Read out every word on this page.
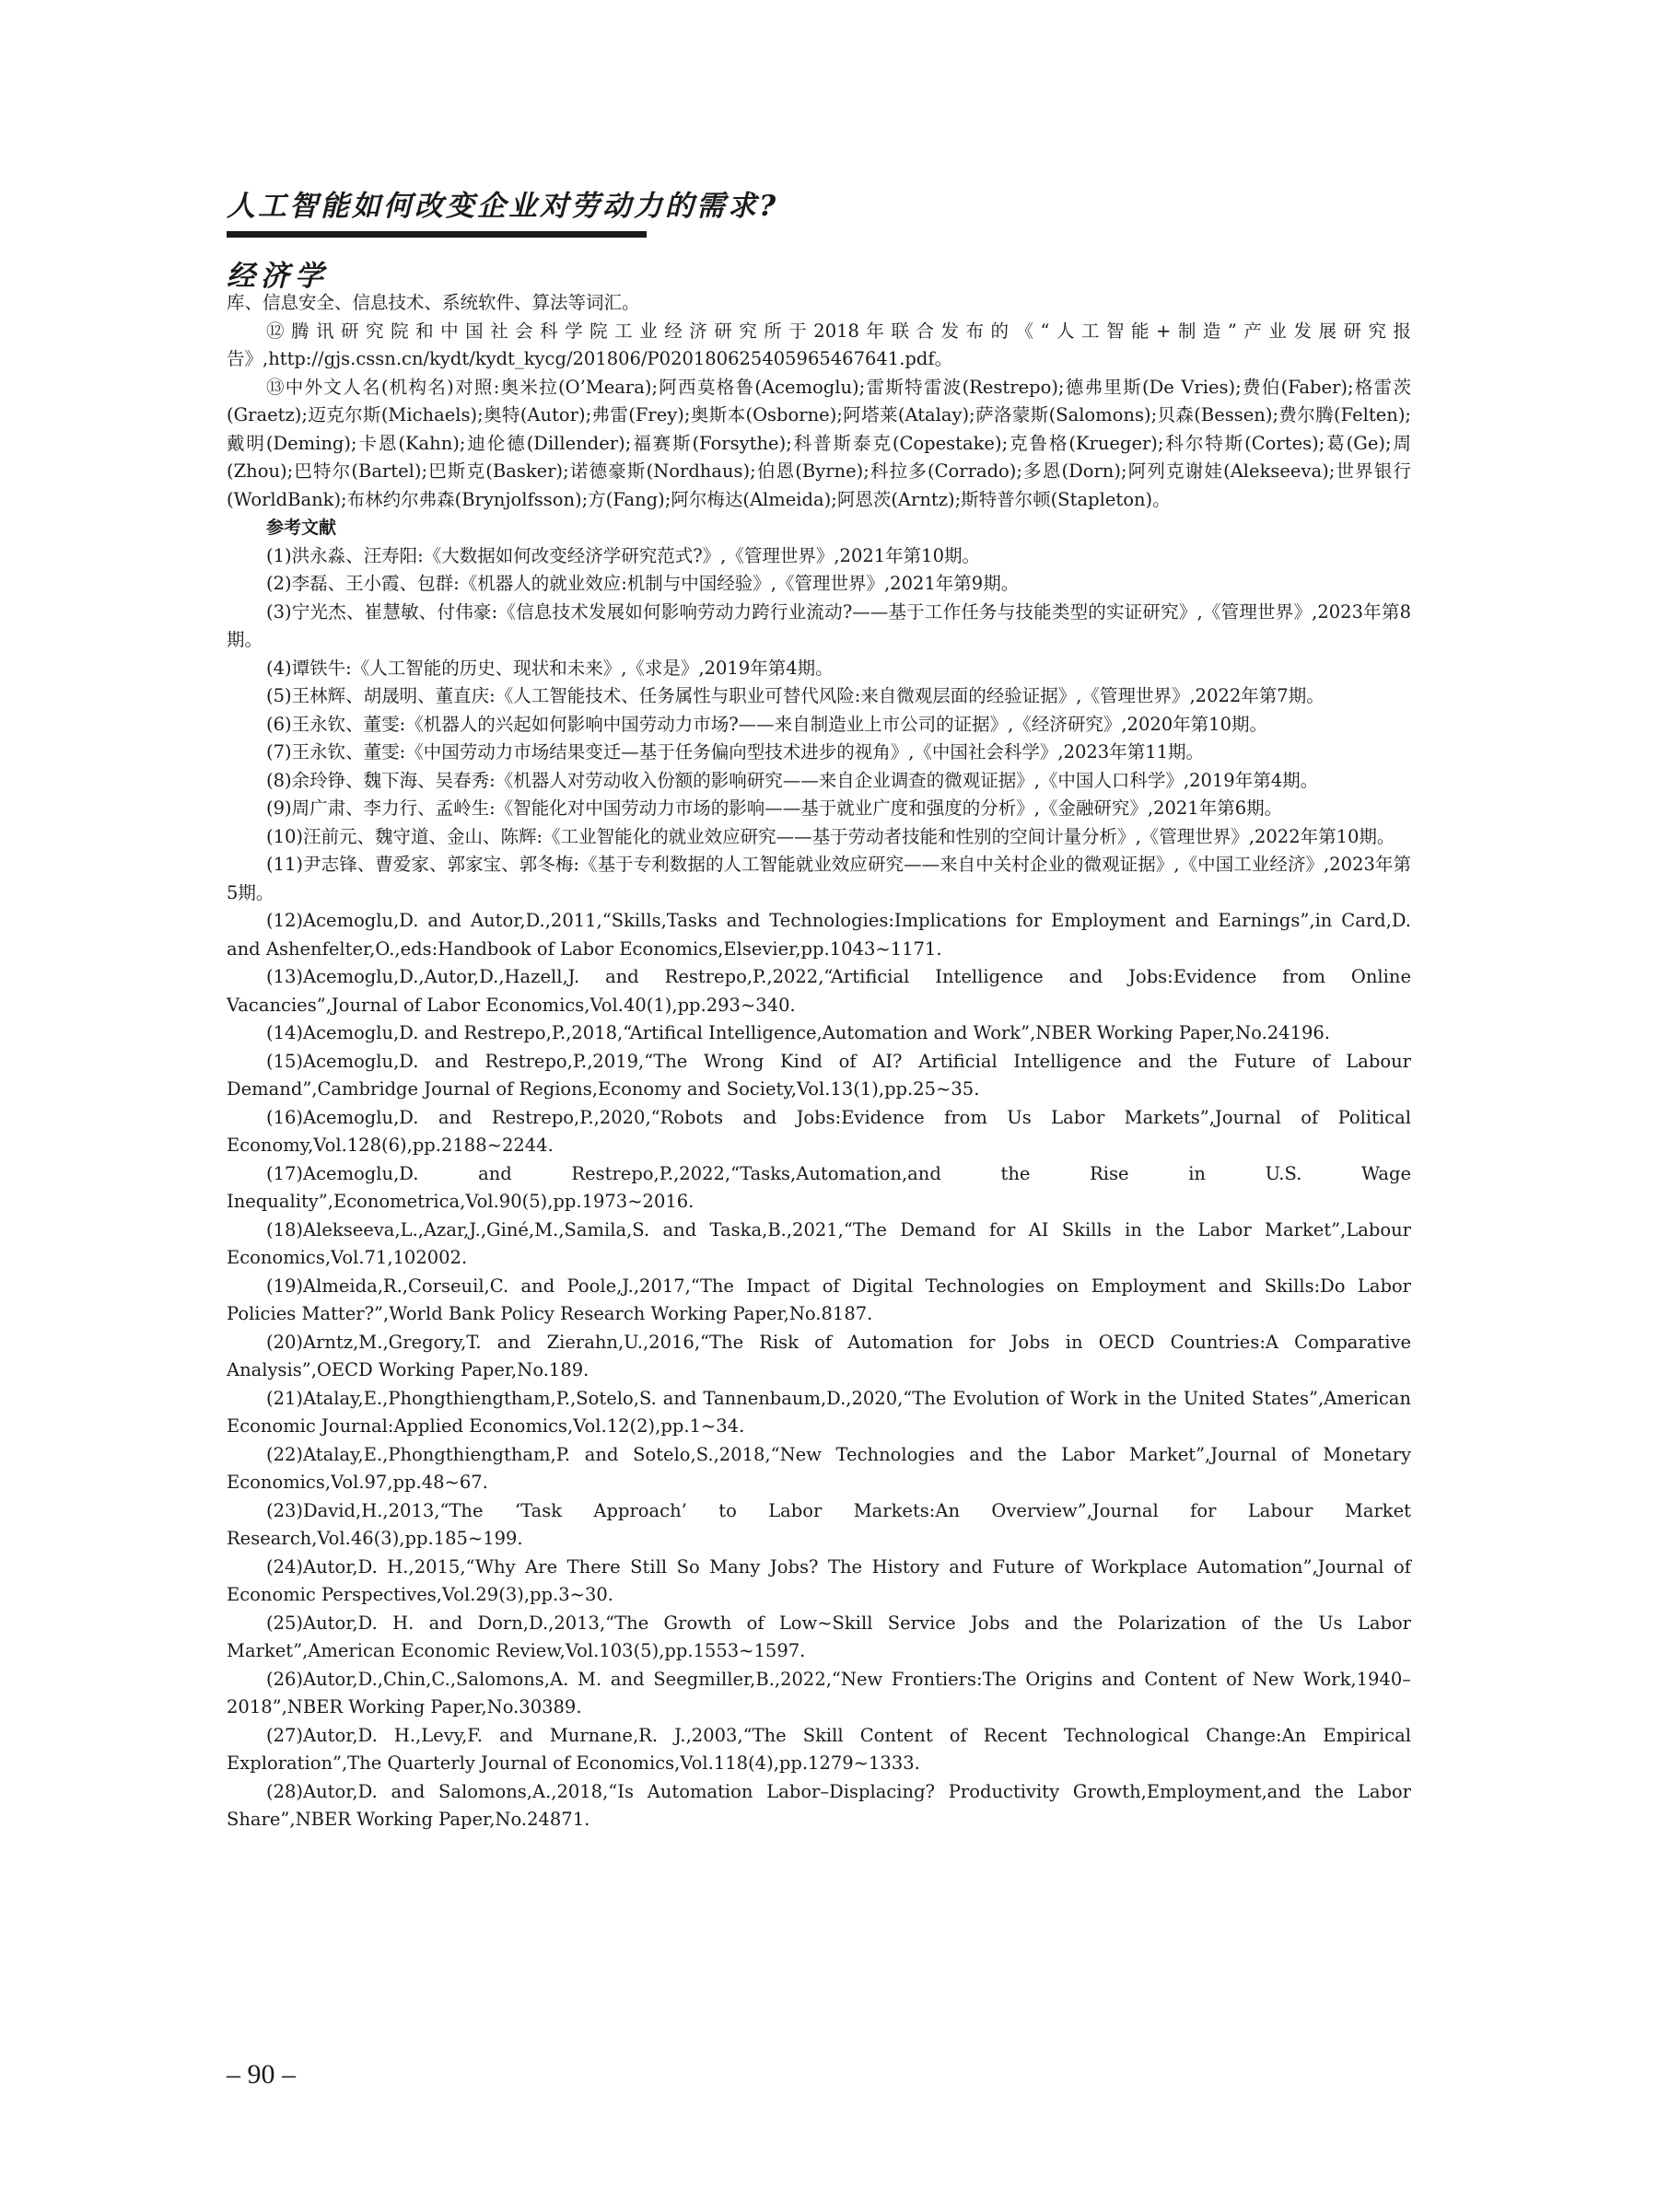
人工智能如何改变企业对劳动力的需求?
经济学

库、信息安全、信息技术、系统软件、算法等词汇。

⑫腾讯研究院和中国社会科学院工业经济研究所于2018年联合发布的《“人工智能+制造”产业发展研究报告》,http://gjs.cssn.cn/kydt/kydt_kycg/201806/P020180625405965467641.pdf。

⑬中外文人名(机构名)对照:奥米拉(O’Meara);阿西莫格鲁(Acemoglu);雷斯特雷波(Restrepo);德弗里斯(De Vries);费伯(Faber);格雷茨(Graetz);迈克尔斯(Michaels);奥特(Autor);弗雷(Frey);奥斯本(Osborne);阿塔莱(Atalay);萨洛蒙斯(Salomons);贝森(Bessen);费尔腾(Felten);戴明(Deming);卡恩(Kahn);迪伦德(Dillender);福赛斯(Forsythe);科普斯泰克(Copestake);克鲁格(Krueger);科尔特斯(Cortes);葛(Ge);周(Zhou);巴特尔(Bartel);巴斯克(Basker);诺德豪斯(Nordhaus);伯恩(Byrne);科拉多(Corrado);多恩(Dorn);阿列克谢娃(Alekseeva);世界银行(WorldBank);布林约尔弗森(Brynjolfsson);方(Fang);阿尔梅达(Almeida);阿恩茨(Arntz);斯特普尔顿(Stapleton)。

参考文献

(1)洪永淼、汪寿阳:《大数据如何改变经济学研究范式?》,《管理世界》,2021年第10期。

(2)李磊、王小霞、包群:《机器人的就业效应:机制与中国经验》,《管理世界》,2021年第9期。

(3)宁光杰、崔慧敏、付伟豪:《信息技术发展如何影响劳动力跨行业流动?——基于工作任务与技能类型的实证研究》,《管理世界》,2023年第8期。

(4)谭铁牛:《人工智能的历史、现状和未来》,《求是》,2019年第4期。

(5)王林辉、胡晟明、董直庆:《人工智能技术、任务属性与职业可替代风险:来自微观层面的经验证据》,《管理世界》,2022年第7期。

(6)王永钦、董雯:《机器人的兴起如何影响中国劳动力市场?——来自制造业上市公司的证据》,《经济研究》,2020年第10期。

(7)王永钦、董雯:《中国劳动力市场结果变迁—基于任务偏向型技术进步的视角》,《中国社会科学》,2023年第11期。

(8)余玲铮、魏下海、吴春秀:《机器人对劳动收入份额的影响研究——来自企业调查的微观证据》,《中国人口科学》,2019年第4期。

(9)周广肃、李力行、孟岭生:《智能化对中国劳动力市场的影响——基于就业广度和强度的分析》,《金融研究》,2021年第6期。

(10)汪前元、魏守道、金山、陈辉:《工业智能化的就业效应研究——基于劳动者技能和性别的空间计量分析》,《管理世界》,2022年第10期。

(11)尹志锋、曹爱家、郭家宝、郭冬梅:《基于专利数据的人工智能就业效应研究——来自中关村企业的微观证据》,《中国工业经济》,2023年第5期。

(12)Acemoglu,D. and Autor,D.,2011,“Skills,Tasks and Technologies:Implications for Employment and Earnings”,in Card,D. and Ashenfelter,O.,eds:Handbook of Labor Economics,Elsevier,pp.1043~1171.

(13)Acemoglu,D.,Autor,D.,Hazell,J. and Restrepo,P.,2022,“Artificial Intelligence and Jobs:Evidence from Online Vacancies”,Journal of Labor Economics,Vol.40(1),pp.293~340.

(14)Acemoglu,D. and Restrepo,P.,2018,“Artifical Intelligence,Automation and Work”,NBER Working Paper,No.24196.

(15)Acemoglu,D. and Restrepo,P.,2019,“The Wrong Kind of AI? Artificial Intelligence and the Future of Labour Demand”,Cambridge Journal of Regions,Economy and Society,Vol.13(1),pp.25~35.

(16)Acemoglu,D. and Restrepo,P.,2020,“Robots and Jobs:Evidence from Us Labor Markets”,Journal of Political Economy,Vol.128(6),pp.2188~2244.

(17)Acemoglu,D. and Restrepo,P.,2022,“Tasks,Automation,and the Rise in U.S. Wage Inequality”,Econometrica,Vol.90(5),pp.1973~2016.

(18)Alekseeva,L.,Azar,J.,Giné,M.,Samila,S. and Taska,B.,2021,“The Demand for AI Skills in the Labor Market”,Labour Economics,Vol.71,102002.

(19)Almeida,R.,Corseuil,C. and Poole,J.,2017,“The Impact of Digital Technologies on Employment and Skills:Do Labor Policies Matter?”,World Bank Policy Research Working Paper,No.8187.

(20)Arntz,M.,Gregory,T. and Zierahn,U.,2016,“The Risk of Automation for Jobs in OECD Countries:A Comparative Analysis”,OECD Working Paper,No.189.

(21)Atalay,E.,Phongthiengtham,P.,Sotelo,S. and Tannenbaum,D.,2020,“The Evolution of Work in the United States”,American Economic Journal:Applied Economics,Vol.12(2),pp.1~34.

(22)Atalay,E.,Phongthiengtham,P. and Sotelo,S.,2018,“New Technologies and the Labor Market”,Journal of Monetary Economics,Vol.97,pp.48~67.

(23)David,H.,2013,“The ‘Task Approach’ to Labor Markets:An Overview”,Journal for Labour Market Research,Vol.46(3),pp.185~199.

(24)Autor,D. H.,2015,“Why Are There Still So Many Jobs? The History and Future of Workplace Automation”,Journal of Economic Perspectives,Vol.29(3),pp.3~30.

(25)Autor,D. H. and Dorn,D.,2013,“The Growth of Low~Skill Service Jobs and the Polarization of the Us Labor Market”,American Economic Review,Vol.103(5),pp.1553~1597.

(26)Autor,D.,Chin,C.,Salomons,A. M. and Seegmiller,B.,2022,“New Frontiers:The Origins and Content of New Work,1940–2018”,NBER Working Paper,No.30389.

(27)Autor,D. H.,Levy,F. and Murnane,R. J.,2003,“The Skill Content of Recent Technological Change:An Empirical Exploration”,The Quarterly Journal of Economics,Vol.118(4),pp.1279~1333.

(28)Autor,D. and Salomons,A.,2018,“Is Automation Labor–Displacing? Productivity Growth,Employment,and the Labor Share”,NBER Working Paper,No.24871.

– 90 –
